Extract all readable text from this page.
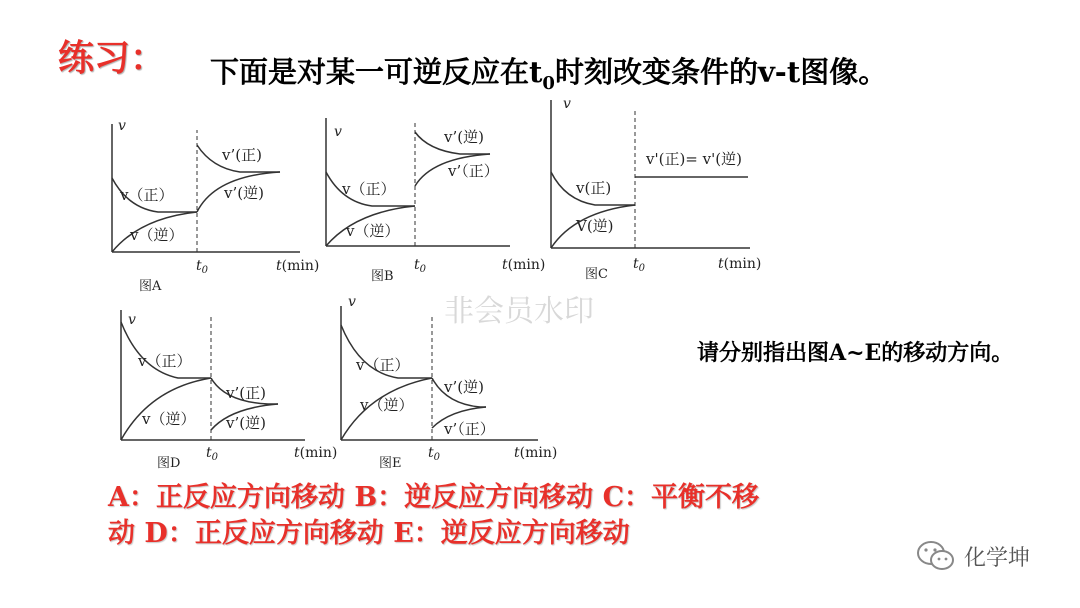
练习： 下面是对某一可逆反应在$t_0$时刻改变条件的v-t图像。
非会员水印
v
v’(正)
v’(逆)
v（正）
v（逆）
$t_0$	t(min)
图A
v	v’(逆)
v’（正）
v（正）
v（逆）
$t_0$	t(min)
图B
v
v'(正)= v'(逆)
v(正)
V(逆)
$t_0$	t(min)
图C
v
v（正）
v（逆）
v’(正)
v’(逆)
$t_0$	t(min)
图D
v
v（正）
v（逆）
v’(逆)
v’（正）
$t_0$	t(min)
图E
请分别指出图A~E的移动方向。
A：正反应方向移动 B：逆反应方向移动 C：平衡不移
动 D：正反应方向移动 E：逆反应方向移动
化学坤
